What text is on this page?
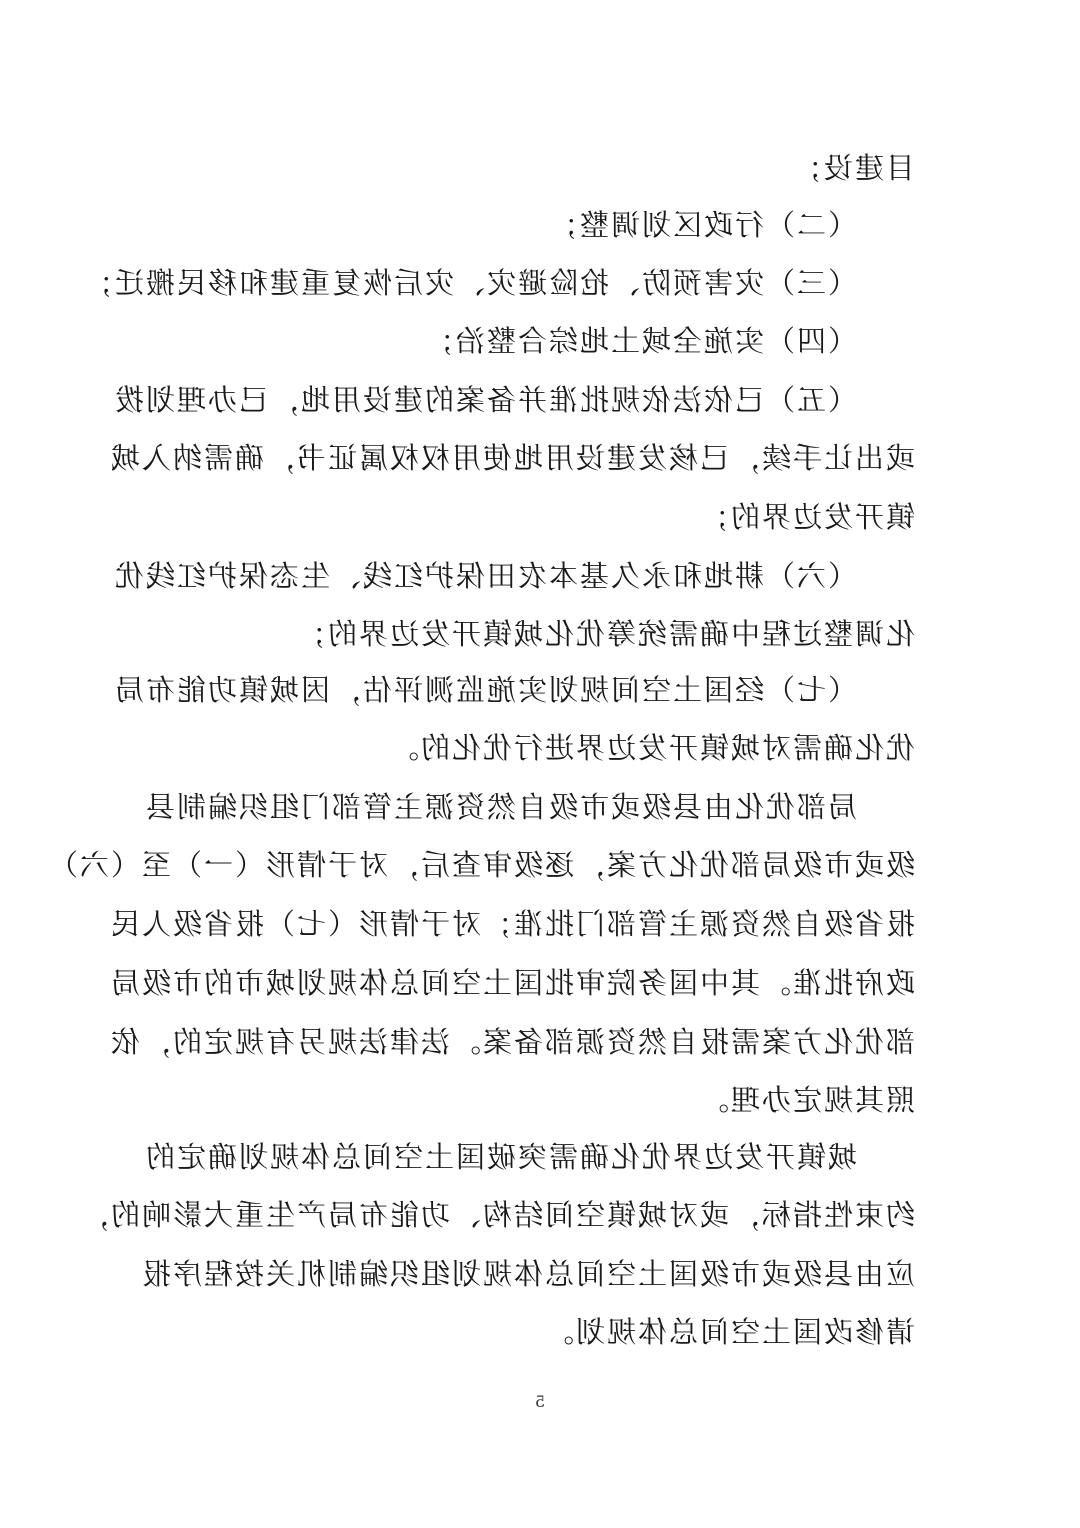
目建设；
（二）行政区划调整；
（三）灾害预防、抢险避灾、灾后恢复重建和移民搬迁；
（四）实施全域土地综合整治；
（五）已依法依规批准并备案的建设用地，已办理划拨
或出让手续，已核发建设用地使用权权属证书，确需纳入城
镇开发边界的；
（六）耕地和永久基本农田保护红线、生态保护红线优
化调整过程中确需统筹优化城镇开发边界的；
（七）经国土空间规划实施监测评估，因城镇功能布局
优化确需对城镇开发边界进行优化的。
局部优化由县级或市级自然资源主管部门组织编制县
级或市级局部优化方案，逐级审查后，对于情形（一）至（六）
报省级自然资源主管部门批准；对于情形（七）报省级人民
政府批准。其中国务院审批国土空间总体规划城市的市级局
部优化方案需报自然资源部备案。法律法规另有规定的，依
照其规定办理。
城镇开发边界优化确需突破国土空间总体规划确定的
约束性指标，或对城镇空间结构、功能布局产生重大影响的，
应由县级或市级国土空间总体规划组织编制机关按程序报
请修改国土空间总体规划。
5
